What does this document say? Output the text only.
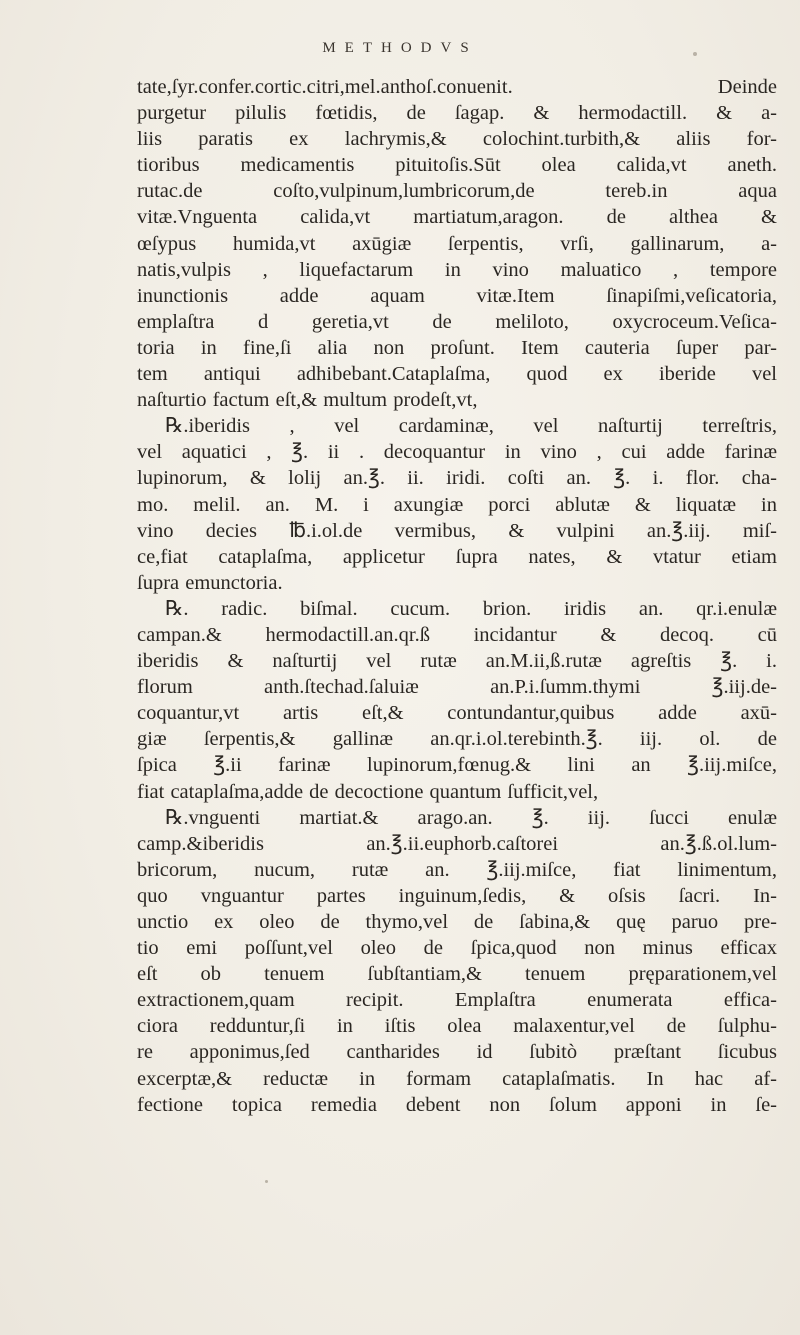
METHODVS
tate,ſyr.confer.cortic.citri,mel.anthoſ.conuenit. Deinde
purgetur pilulis fœtidis, de ſagap. & hermodactill. & a-
liis paratis ex lachrymis,& colochint.turbith,& aliis for-
tioribus medicamentis pituitoſis.Sūt olea calida,vt aneth.
rutac.de coſto,vulpinum,lumbricorum,de tereb.in aqua
vitæ.Vnguenta calida,vt martiatum,aragon. de althea &
œſypus humida,vt axūgiæ ſerpentis, vrſi, gallinarum, a-
natis,vulpis , liquefactarum in vino maluatico , tempore
inunctionis adde aquam vitæ.Item ſinapiſmi,veſicatoria,
emplaſtra d geretia,vt de meliloto, oxycroceum.Veſica-
toria in fine,ſi alia non proſunt. Item cauteria ſuper par-
tem antiqui adhibebant.Cataplaſma, quod ex iberide vel
naſturtio factum eſt,& multum prodeſt,vt,
℞.iberidis , vel cardaminæ, vel naſturtij terreſtris,
vel aquatici , ℥. ii . decoquantur in vino , cui adde farinæ
lupinorum, & lolij an.℥. ii. iridi. coſti an. ℥. i. flor. cha-
mo. melil. an. M. i axungiæ porci ablutæ & liquatæ in
vino decies ℔.i.ol.de vermibus, & vulpini an.℥.iij. miſ-
ce,fiat cataplaſma, applicetur ſupra nates, & vtatur etiam
ſupra emunctoria.
℞. radic. biſmal. cucum. brion. iridis an. qr.i.enulæ
campan.& hermodactill.an.qr.ß incidantur & decoq. cū
iberidis & naſturtij vel rutæ an.M.ii,ß.rutæ agreſtis ℥. i.
florum anth.ſtechad.ſaluiæ an.P.i.ſumm.thymi ℥.iij.de-
coquantur,vt artis eſt,& contundantur,quibus adde axū-
giæ ſerpentis,& gallinæ an.qr.i.ol.terebinth.℥. iij. ol. de
ſpica ℥.ii farinæ lupinorum,fœnug.& lini an ℥.iij.miſce,
fiat cataplaſma,adde de decoctione quantum ſufficit,vel,
℞.vnguenti martiat.& arago.an. ℥. iij. ſucci enulæ
camp.&iberidis an.℥.ii.euphorb.caſtorei an.℥.ß.ol.lum-
bricorum, nucum, rutæ an. ℥.iij.miſce, fiat linimentum,
quo vnguantur partes inguinum,ſedis, & oſsis ſacri. In-
unctio ex oleo de thymo,vel de ſabina,& quę paruo pre-
tio emi poſſunt,vel oleo de ſpica,quod non minus efficax
eſt ob tenuem ſubſtantiam,& tenuem pręparationem,vel
extractionem,quam recipit. Emplaſtra enumerata effica-
ciora redduntur,ſi in iſtis olea malaxentur,vel de ſulphu-
re apponimus,ſed cantharides id ſubitò præſtant ſicubus
excerptæ,& reductæ in formam cataplaſmatis. In hac af-
fectione topica remedia debent non ſolum apponi in ſe-
